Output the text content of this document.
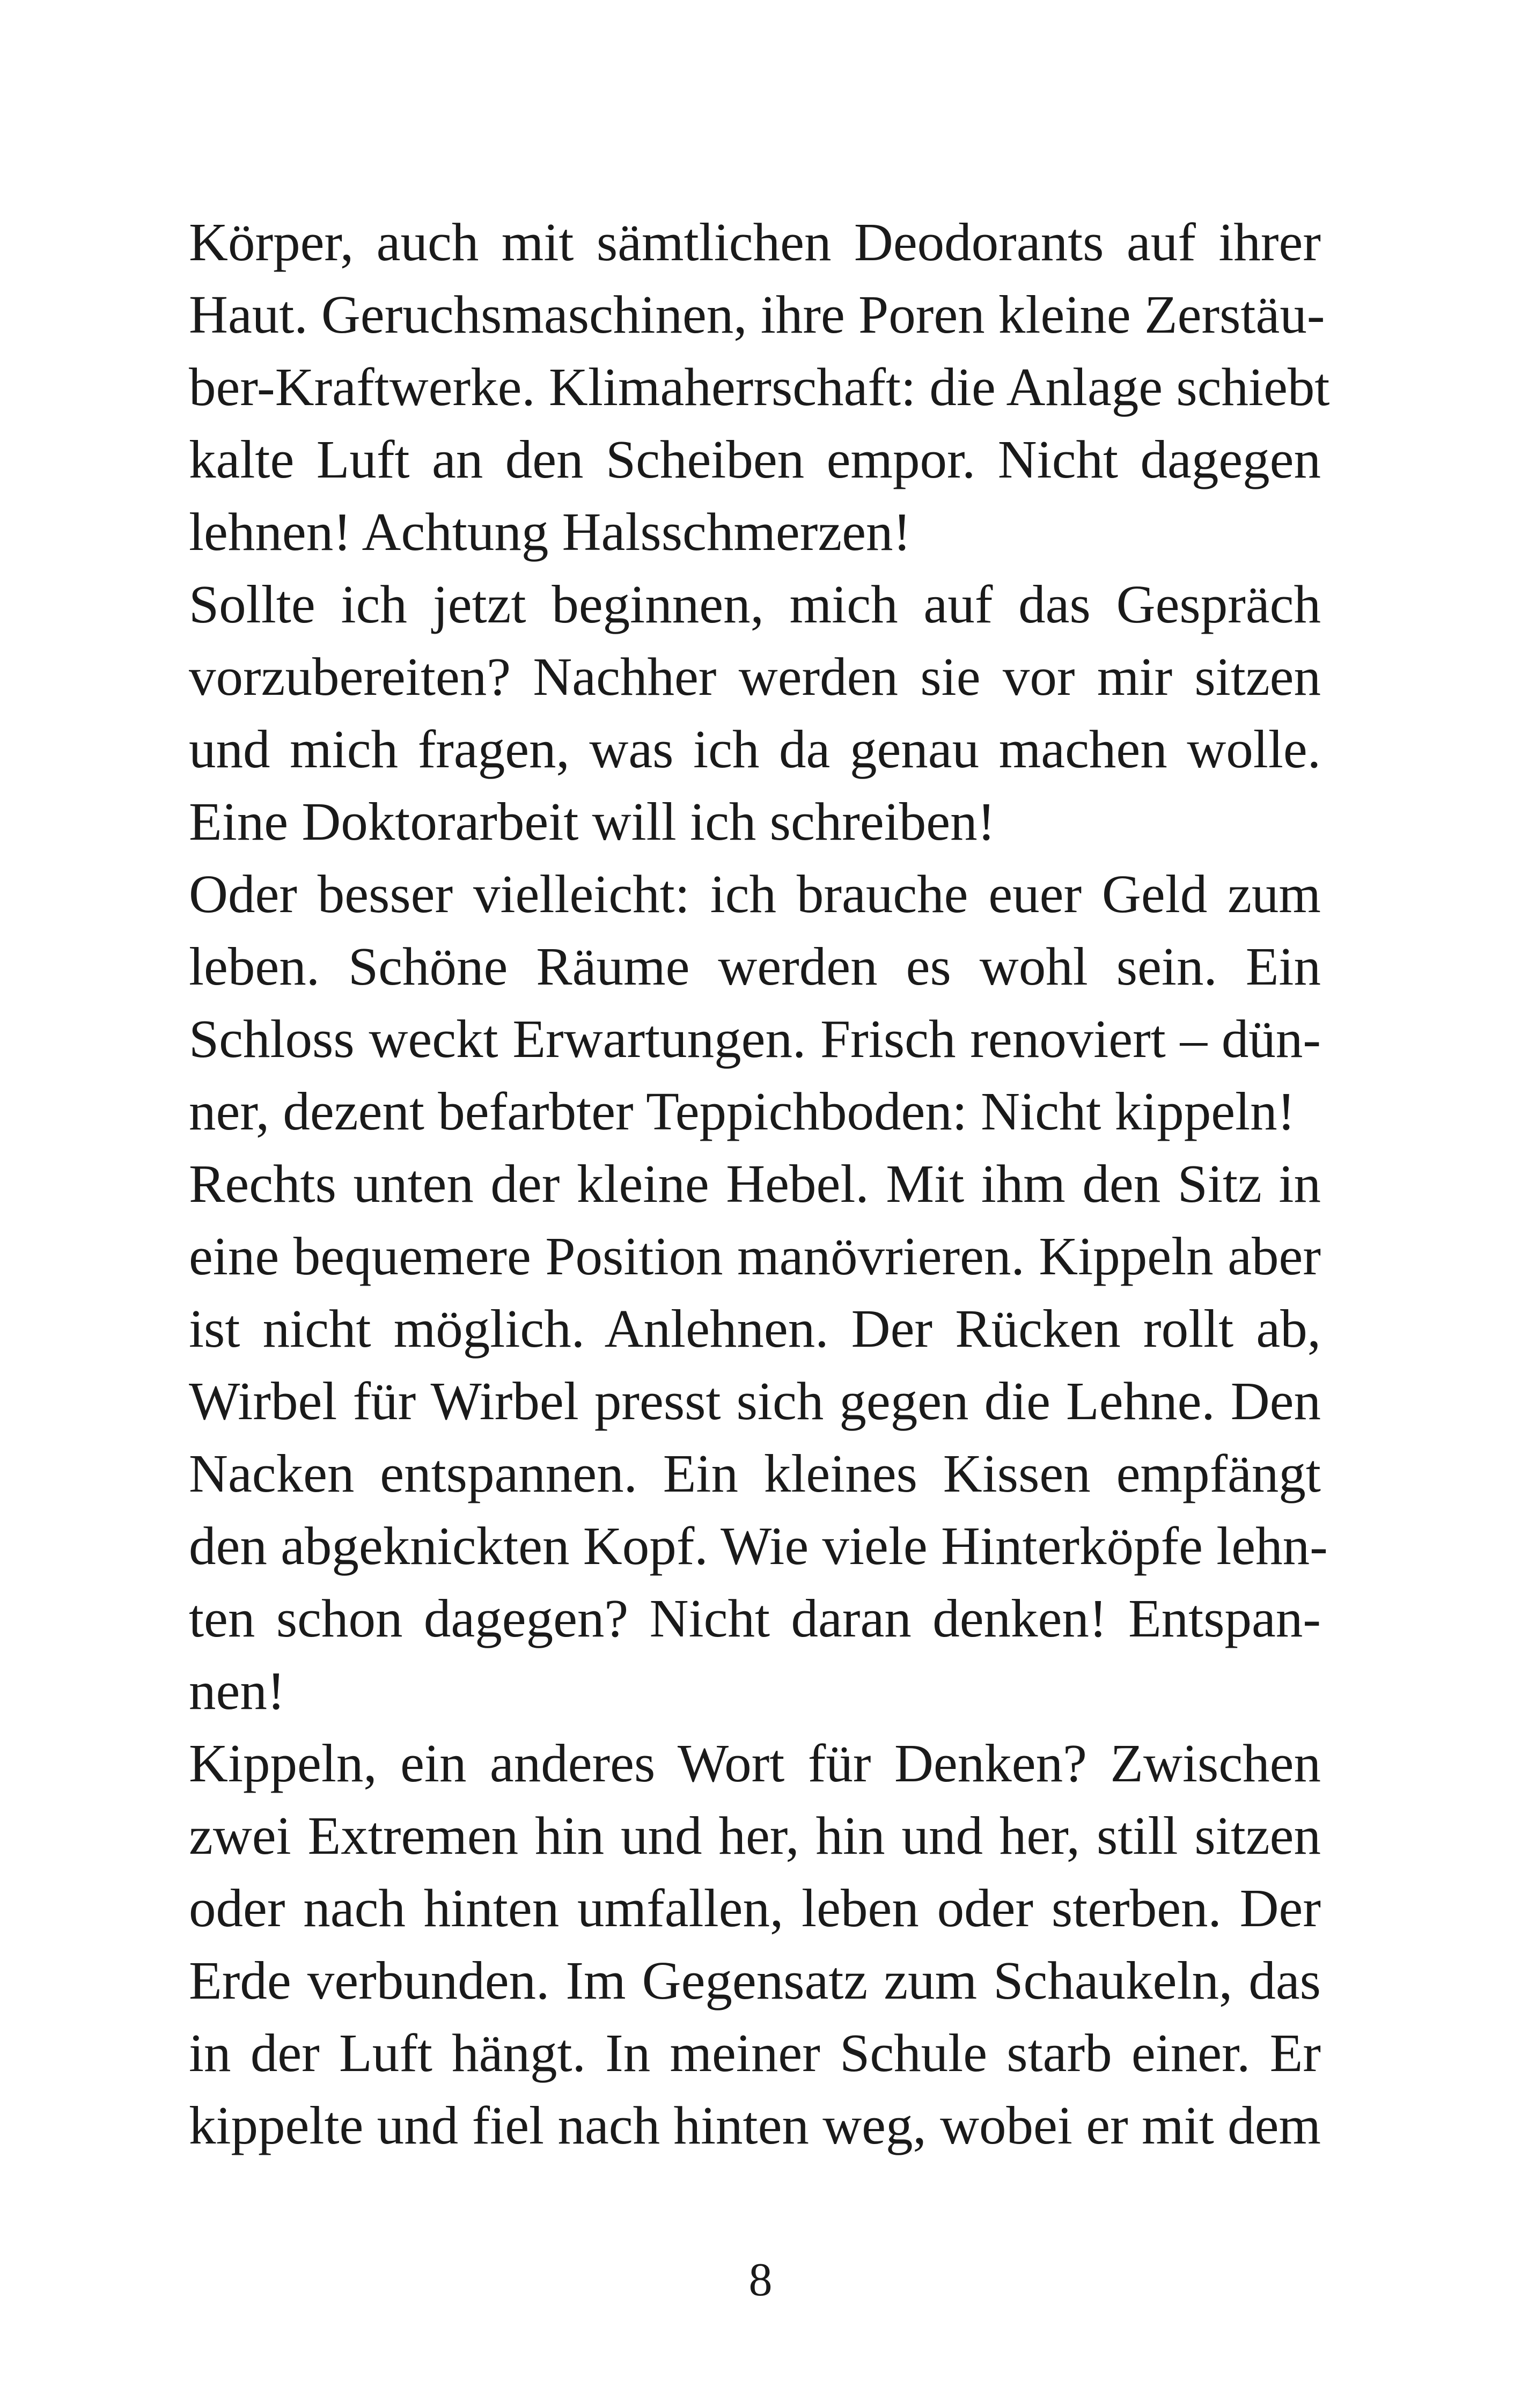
Körper, auch mit sämtlichen Deodorants auf ihrer
Haut. Geruchsmaschinen, ihre Poren kleine Zerstäu-
ber-Kraftwerke. Klimaherrschaft: die Anlage schiebt
kalte Luft an den Scheiben empor. Nicht dagegen
lehnen! Achtung Halsschmerzen!
Sollte ich jetzt beginnen, mich auf das Gespräch
vorzubereiten? Nachher werden sie vor mir sitzen
und mich fragen, was ich da genau machen wolle.
Eine Doktorarbeit will ich schreiben!
Oder besser vielleicht: ich brauche euer Geld zum
leben. Schöne Räume werden es wohl sein. Ein
Schloss weckt Erwartungen. Frisch renoviert – dün-
ner, dezent befarbter Teppichboden: Nicht kippeln!
Rechts unten der kleine Hebel. Mit ihm den Sitz in
eine bequemere Position manövrieren. Kippeln aber
ist nicht möglich. Anlehnen. Der Rücken rollt ab,
Wirbel für Wirbel presst sich gegen die Lehne. Den
Nacken entspannen. Ein kleines Kissen empfängt
den abgeknickten Kopf. Wie viele Hinterköpfe lehn-
ten schon dagegen? Nicht daran denken! Entspan-
nen!
Kippeln, ein anderes Wort für Denken? Zwischen
zwei Extremen hin und her, hin und her, still sitzen
oder nach hinten umfallen, leben oder sterben. Der
Erde verbunden. Im Gegensatz zum Schaukeln, das
in der Luft hängt. In meiner Schule starb einer. Er
kippelte und fiel nach hinten weg, wobei er mit dem
8
